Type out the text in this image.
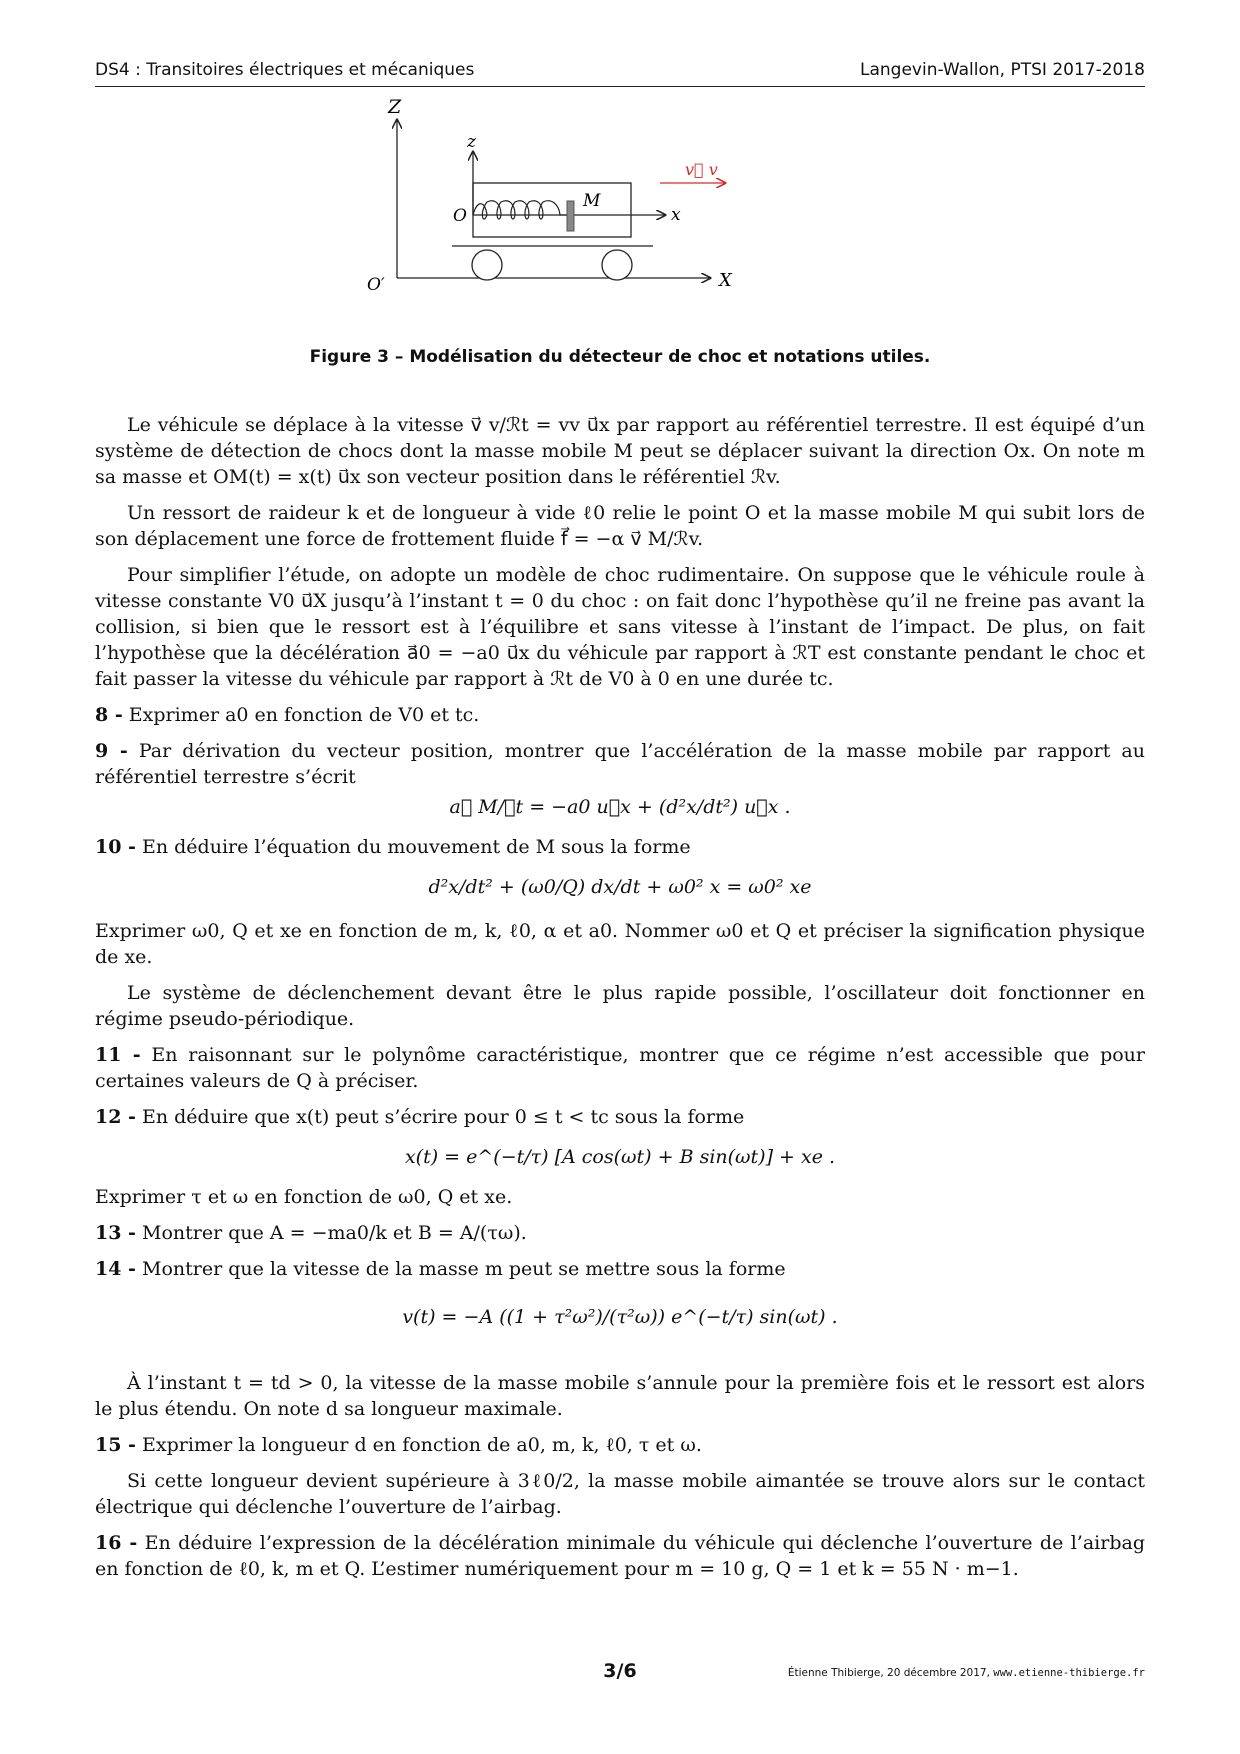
DS4 : Transitoires électriques et mécaniques	Langevin-Wallon, PTSI 2017-2018
Z
z
v⃗ v
M
O	x
O′	X
Figure 3 – Modélisation du détecteur de choc et notations utiles.

Le véhicule se déplace à la vitesse v⃗ v/ℛt = vv u⃗x par rapport au référentiel terrestre. Il est équipé d’un système de détection de chocs dont la masse mobile M peut se déplacer suivant la direction Ox. On note m sa masse et OM(t) = x(t) u⃗x son vecteur position dans le référentiel ℛv.

Un ressort de raideur k et de longueur à vide ℓ0 relie le point O et la masse mobile M qui subit lors de son déplacement une force de frottement fluide f⃗ = −α v⃗ M/ℛv.

Pour simplifier l’étude, on adopte un modèle de choc rudimentaire. On suppose que le véhicule roule à vitesse constante V0 u⃗X jusqu’à l’instant t = 0 du choc : on fait donc l’hypothèse qu’il ne freine pas avant la collision, si bien que le ressort est à l’équilibre et sans vitesse à l’instant de l’impact. De plus, on fait l’hypothèse que la décélération a⃗0 = −a0 u⃗x du véhicule par rapport à ℛT est constante pendant le choc et fait passer la vitesse du véhicule par rapport à ℛt de V0 à 0 en une durée tc.

8 - Exprimer a0 en fonction de V0 et tc.

9 - Par dérivation du vecteur position, montrer que l’accélération de la masse mobile par rapport au référentiel terrestre s’écrit

a⃗ M/ℛt = −a0 u⃗x + (d²x/dt²) u⃗x .

10 - En déduire l’équation du mouvement de M sous la forme

d²x/dt² + (ω0/Q) dx/dt + ω0² x = ω0² xe

Exprimer ω0, Q et xe en fonction de m, k, ℓ0, α et a0. Nommer ω0 et Q et préciser la signification physique de xe.

Le système de déclenchement devant être le plus rapide possible, l’oscillateur doit fonctionner en régime pseudo-périodique.

11 - En raisonnant sur le polynôme caractéristique, montrer que ce régime n’est accessible que pour certaines valeurs de Q à préciser.

12 - En déduire que x(t) peut s’écrire pour 0 ≤ t < tc sous la forme

x(t) = e^(−t/τ) [A cos(ωt) + B sin(ωt)] + xe .

Exprimer τ et ω en fonction de ω0, Q et xe.

13 - Montrer que A = −ma0/k et B = A/(τω).

14 - Montrer que la vitesse de la masse m peut se mettre sous la forme

v(t) = −A ((1 + τ²ω²)/(τ²ω)) e^(−t/τ) sin(ωt) .

À l’instant t = td > 0, la vitesse de la masse mobile s’annule pour la première fois et le ressort est alors le plus étendu. On note d sa longueur maximale.

15 - Exprimer la longueur d en fonction de a0, m, k, ℓ0, τ et ω.

Si cette longueur devient supérieure à 3ℓ0/2, la masse mobile aimantée se trouve alors sur le contact électrique qui déclenche l’ouverture de l’airbag.

16 - En déduire l’expression de la décélération minimale du véhicule qui déclenche l’ouverture de l’airbag en fonction de ℓ0, k, m et Q. L’estimer numériquement pour m = 10 g, Q = 1 et k = 55 N · m−1.

3/6	Étienne Thibierge, 20 décembre 2017, www.etienne-thibierge.fr
